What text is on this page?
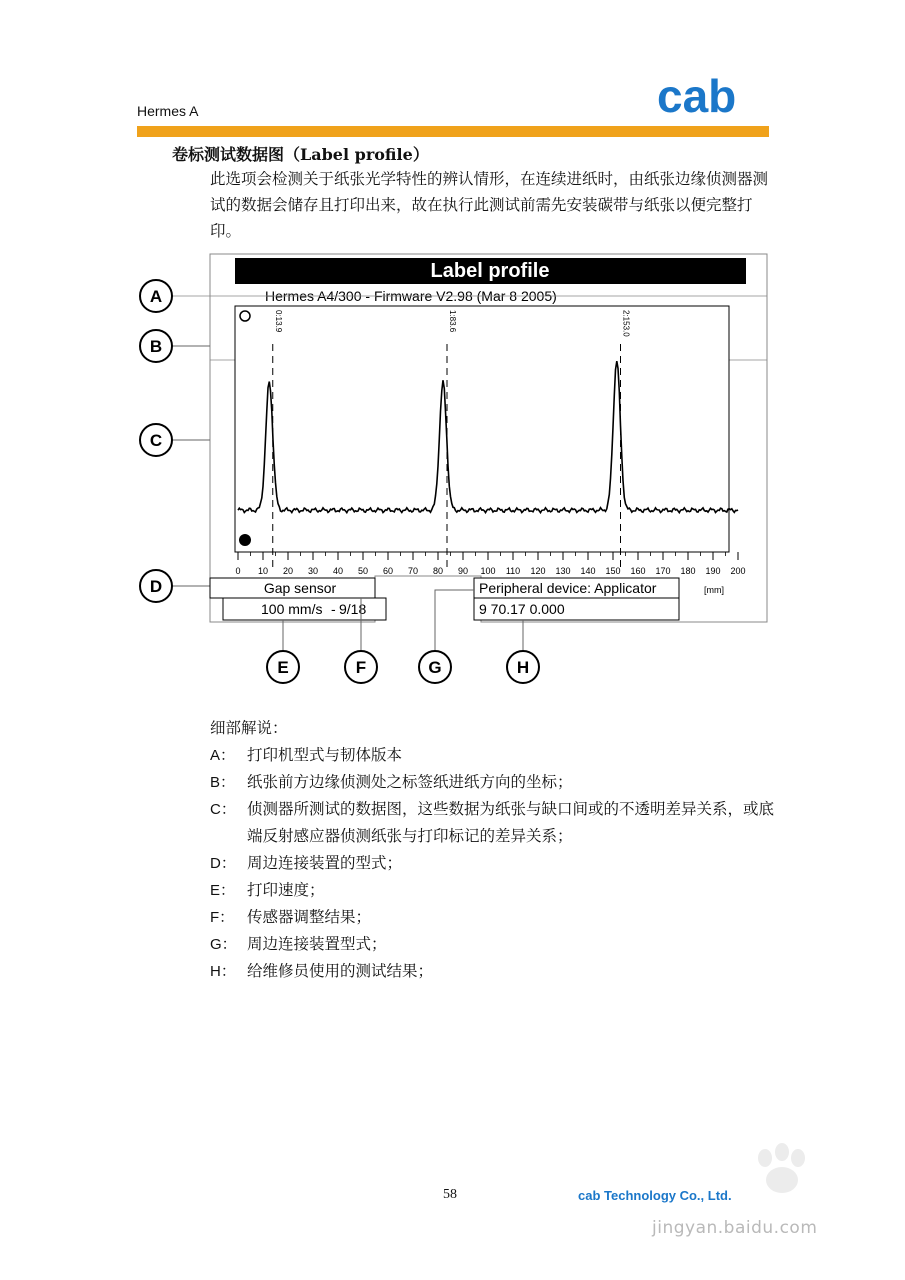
Hermes A	cab
卷标测试数据图（Label profile）
此选项会检测关于纸张光学特性的辨认情形，在连续进纸时，由纸张边缘侦测器测试的数据会储存且打印出来，故在执行此测试前需先安装碳带与纸张以便完整打印。
Label profile
Hermes A4/300 - Firmware V2.98 (Mar 8 2005)
0:13.9	1:83.6	2:153.0
0 10 20 30 40 50 60 70 80 90 100 110 120 130 140 150 160 170 180 190 200
[mm]
Gap sensor
100 mm/s - 9/18
Peripheral device: Applicator
9 70.17 0.000
A
B
C
D
E	F	G	H
细部解说：
A： 打印机型式与韧体版本
B： 纸张前方边缘侦测处之标签纸进纸方向的坐标；
C： 侦测器所测试的数据图，这些数据为纸张与缺口间或的不透明差异关系，或底端反射感应器侦测纸张与打印标记的差异关系；
D： 周边连接装置的型式；
E： 打印速度；
F： 传感器调整结果；
G： 周边连接装置型式；
H： 给维修员使用的测试结果；
58	cab Technology Co., Ltd.
jingyan.baidu.com
